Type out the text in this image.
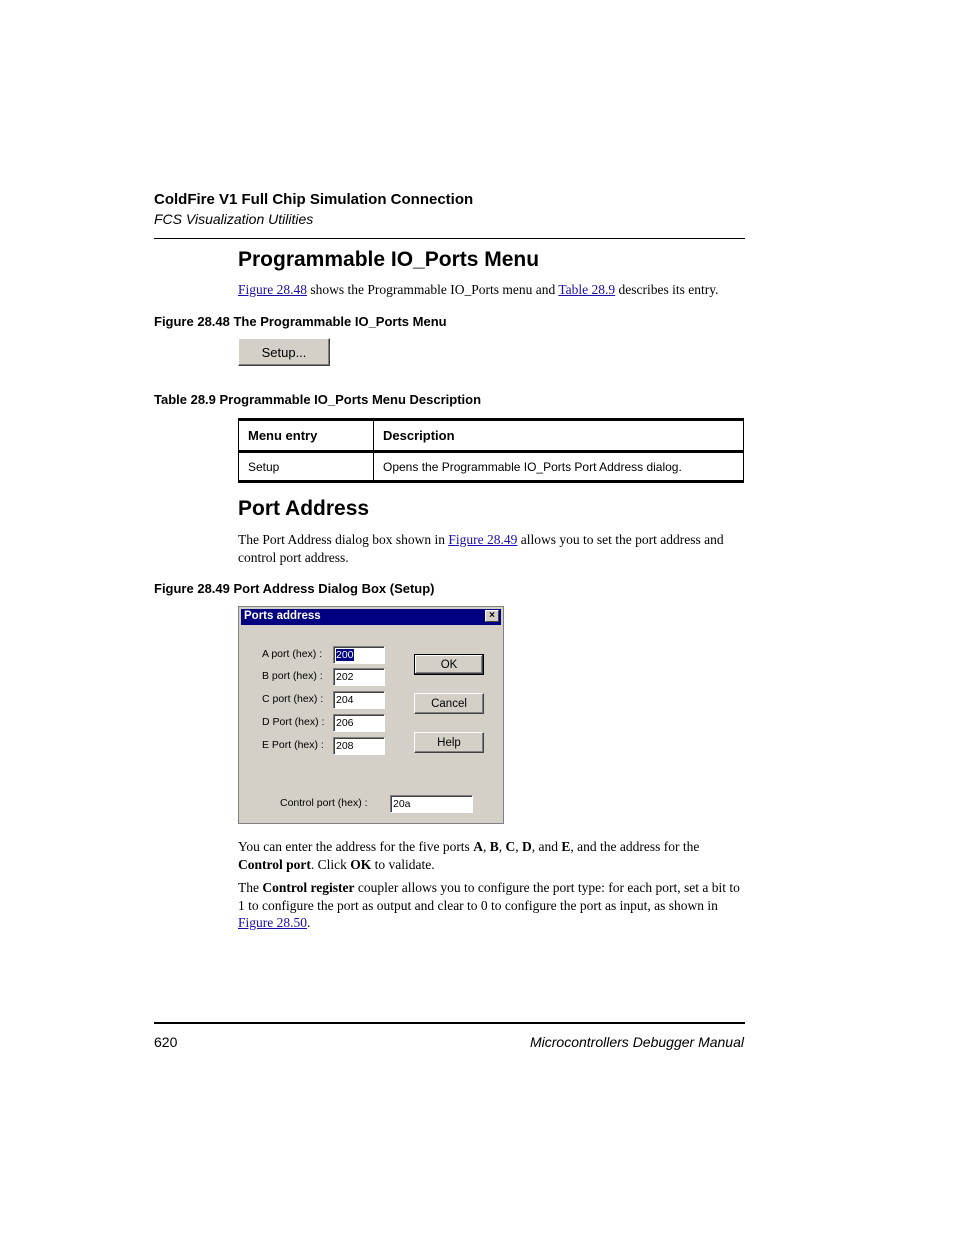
ColdFire V1 Full Chip Simulation Connection
FCS Visualization Utilities
Programmable IO_Ports Menu
Figure 28.48 shows the Programmable IO_Ports menu and Table 28.9 describes its entry.
Figure 28.48 The Programmable IO_Ports Menu
Setup...
Table 28.9 Programmable IO_Ports Menu Description
Menu entry	Description
Setup	Opens the Programmable IO_Ports Port Address dialog.
Port Address
The Port Address dialog box shown in Figure 28.49 allows you to set the port address and control port address.
Figure 28.49 Port Address Dialog Box (Setup)
Ports address	×
A port (hex) : 200
B port (hex) : 202
C port (hex) : 204
D Port (hex) : 206
E Port (hex) : 208
OK
Cancel
Help
Control port (hex) : 20a
You can enter the address for the five ports A, B, C, D, and E, and the address for the Control port. Click OK to validate.
The Control register coupler allows you to configure the port type: for each port, set a bit to 1 to configure the port as output and clear to 0 to configure the port as input, as shown in Figure 28.50.
620	Microcontrollers Debugger Manual
